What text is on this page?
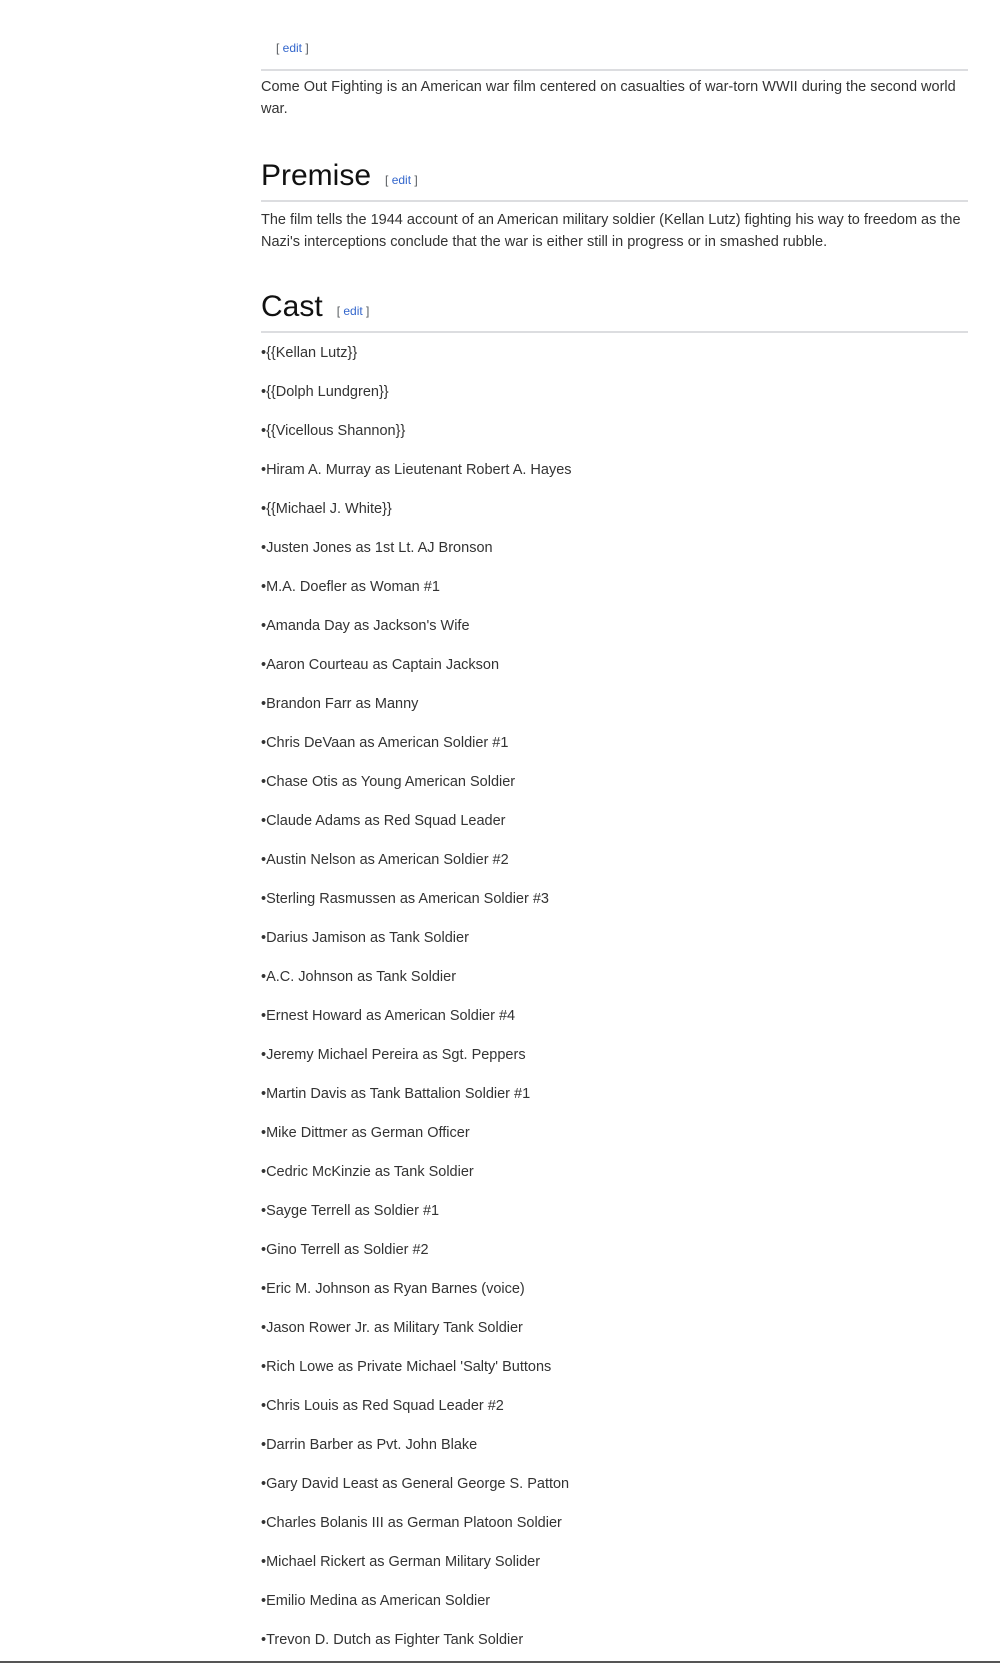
[ edit ]

Come Out Fighting is an American war film centered on casualties of war-torn WWII during the second world war.

Premise [ edit ]

The film tells the 1944 account of an American military soldier (Kellan Lutz) fighting his way to freedom as the Nazi's interceptions conclude that the war is either still in progress or in smashed rubble.

Cast [ edit ]
•{{Kellan Lutz}}
•{{Dolph Lundgren}}
•{{Vicellous Shannon}}
•Hiram A. Murray as Lieutenant Robert A. Hayes
•{{Michael J. White}}
•Justen Jones as 1st Lt. AJ Bronson
•M.A. Doefler as Woman #1
•Amanda Day as Jackson's Wife
•Aaron Courteau as Captain Jackson
•Brandon Farr as Manny
•Chris DeVaan as American Soldier #1
•Chase Otis as Young American Soldier
•Claude Adams as Red Squad Leader
•Austin Nelson as American Soldier #2
•Sterling Rasmussen as American Soldier #3
•Darius Jamison as Tank Soldier
•A.C. Johnson as Tank Soldier
•Ernest Howard as American Soldier #4
•Jeremy Michael Pereira as Sgt. Peppers
•Martin Davis as Tank Battalion Soldier #1
•Mike Dittmer as German Officer
•Cedric McKinzie as Tank Soldier
•Sayge Terrell as Soldier #1
•Gino Terrell as Soldier #2
•Eric M. Johnson as Ryan Barnes (voice)
•Jason Rower Jr. as Military Tank Soldier
•Rich Lowe as Private Michael 'Salty' Buttons
•Chris Louis as Red Squad Leader #2
•Darrin Barber as Pvt. John Blake
•Gary David Least as General George S. Patton
•Charles Bolanis III as German Platoon Soldier
•Michael Rickert as German Military Solider
•Emilio Medina as American Soldier
•Trevon D. Dutch as Fighter Tank Soldier
